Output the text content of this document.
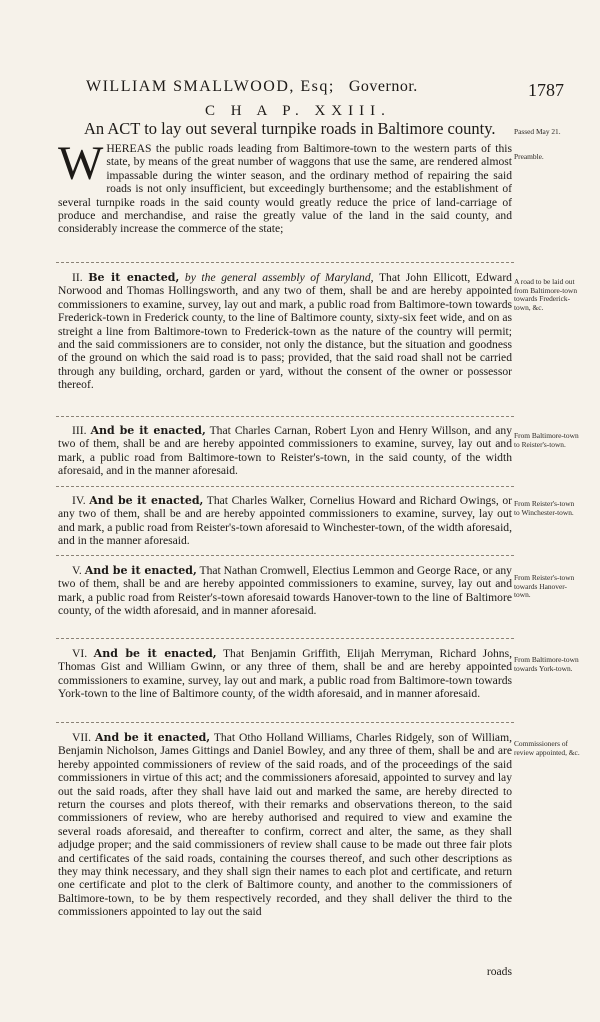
WILLIAM SMALLWOOD, Esq; Governor.	1787
C H A P. XXIII.
An ACT to lay out several turnpike roads in Baltimore county.
WHEREAS the public roads leading from Baltimore-town to the western parts of this state, by means of the great number of waggons that use the same, are rendered almost impassable during the winter season, and the ordinary method of repairing the said roads is not only insufficient, but exceedingly burthensome; and the establishment of several turnpike roads in the said county would greatly reduce the price of land-carriage of produce and merchandise, and raise the greatly value of the land in the said county, and considerably increase the commerce of the state;

II. Be it enacted, by the general assembly of Maryland, That John Ellicott, Edward Norwood and Thomas Hollingsworth, and any two of them, shall be and are hereby appointed commissioners to examine, survey, lay out and mark, a public road from Baltimore-town towards Frederick-town in Frederick county, to the line of Baltimore county, sixty-six feet wide, and on as streight a line from Baltimore-town to Frederick-town as the nature of the country will permit; and the said commissioners are to consider, not only the distance, but the situation and goodness of the ground on which the said road is to pass; provided, that the said road shall not be carried through any building, orchard, garden or yard, without the consent of the owner or possessor thereof.

III. And be it enacted, That Charles Carnan, Robert Lyon and Henry Willson, and any two of them, shall be and are hereby appointed commissioners to examine, survey, lay out and mark, a public road from Baltimore-town to Reister's-town, in the said county, of the width aforesaid, and in the manner aforesaid.

IV. And be it enacted, That Charles Walker, Cornelius Howard and Richard Owings, or any two of them, shall be and are hereby appointed commissioners to examine, survey, lay out and mark, a public road from Reister's-town aforesaid to Winchester-town, of the width aforesaid, and in the manner aforesaid.

V. And be it enacted, That Nathan Cromwell, Electius Lemmon and George Race, or any two of them, shall be and are hereby appointed commissioners to examine, survey, lay out and mark, a public road from Reister's-town aforesaid towards Hanover-town to the line of Baltimore county, of the width aforesaid, and in manner aforesaid.

VI. And be it enacted, That Benjamin Griffith, Elijah Merryman, Richard Johns, Thomas Gist and William Gwinn, or any three of them, shall be and are hereby appointed commissioners to examine, survey, lay out and mark, a public road from Baltimore-town towards York-town to the line of Baltimore county, of the width aforesaid, and in manner aforesaid.

VII. And be it enacted, That Otho Holland Williams, Charles Ridgely, son of William, Benjamin Nicholson, James Gittings and Daniel Bowley, and any three of them, shall be and are hereby appointed commissioners of review of the said roads, and of the proceedings of the said commissioners in virtue of this act; and the commissioners aforesaid, appointed to survey and lay out the said roads, after they shall have laid out and marked the same, are hereby directed to return the courses and plots thereof, with their remarks and observations thereon, to the said commissioners of review, who are hereby authorised and required to view and examine the several roads aforesaid, and thereafter to confirm, correct and alter, the same, as they shall adjudge proper; and the said commissioners of review shall cause to be made out three fair plots and certificates of the said roads, containing the courses thereof, and such other descriptions as they may think necessary, and they shall sign their names to each plot and certificate, and return one certificate and plot to the clerk of Baltimore county, and another to the commissioners of Baltimore-town, to be by them respectively recorded, and they shall deliver the third to the commissioners appointed to lay out the said

roads
Passed May 21.
Preamble.
A road to be laid out from Baltimore-town towards Frederick-town, &c.
From Baltimore-town to Reister's-town.
From Reister's-town to Winchester-town.
From Reister's-town towards Hanover-town.
From Baltimore-town towards York-town.
Commissioners of review appointed, &c.
